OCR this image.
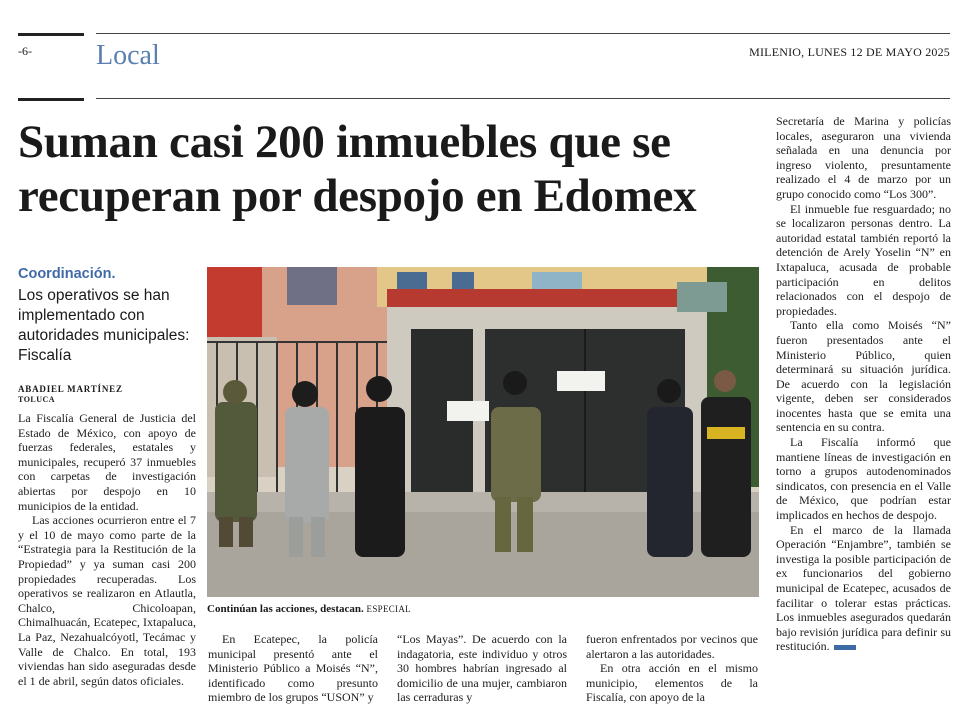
-6- Local	MILENIO, LUNES 12 DE MAYO 2025
Suman casi 200 inmuebles que se recuperan por despojo en Edomex
Coordinación.
Los operativos se han implementado con autoridades municipales: Fiscalía
ABADIEL MARTÍNEZ
TOLUCA

La Fiscalía General de Justicia del Estado de México, con apoyo de fuerzas federales, estatales y municipales, recuperó 37 inmuebles con carpetas de investigación abiertas por despojo en 10 municipios de la entidad.

Las acciones ocurrieron entre el 7 y el 10 de mayo como parte de la “Estrategia para la Restitución de la Propiedad” y ya suman casi 200 propiedades recuperadas. Los operativos se realizaron en Atlautla, Chalco, Chicoloapan, Chimalhuacán, Ecatepec, Ixtapaluca, La Paz, Nezahualcóyotl, Tecámac y Valle de Chalco. En total, 193 viviendas han sido aseguradas desde el 1 de abril, según datos oficiales.

Continúan las acciones, destacan. ESPECIAL

En Ecatepec, la policía municipal presentó ante el Ministerio Público a Moisés “N”, identificado como presunto miembro de los grupos “USON” y

“Los Mayas”. De acuerdo con la indagatoria, este individuo y otros 30 hombres habrían ingresado al domicilio de una mujer, cambiaron las cerraduras y

fueron enfrentados por vecinos que alertaron a las autoridades.

En otra acción en el mismo municipio, elementos de la Fiscalía, con apoyo de la

Secretaría de Marina y policías locales, aseguraron una vivienda señalada en una denuncia por ingreso violento, presuntamente realizado el 4 de marzo por un grupo conocido como “Los 300”.

El inmueble fue resguardado; no se localizaron personas dentro. La autoridad estatal también reportó la detención de Arely Yoselin “N” en Ixtapaluca, acusada de probable participación en delitos relacionados con el despojo de propiedades.

Tanto ella como Moisés “N” fueron presentados ante el Ministerio Público, quien determinará su situación jurídica. De acuerdo con la legislación vigente, deben ser considerados inocentes hasta que se emita una sentencia en su contra.

La Fiscalía informó que mantiene líneas de investigación en torno a grupos autodenominados sindicatos, con presencia en el Valle de México, que podrían estar implicados en hechos de despojo.

En el marco de la llamada Operación “Enjambre”, también se investiga la posible participación de ex funcionarios del gobierno municipal de Ecatepec, acusados de facilitar o tolerar estas prácticas. Los inmuebles asegurados quedarán bajo revisión jurídica para definir su restitución.
